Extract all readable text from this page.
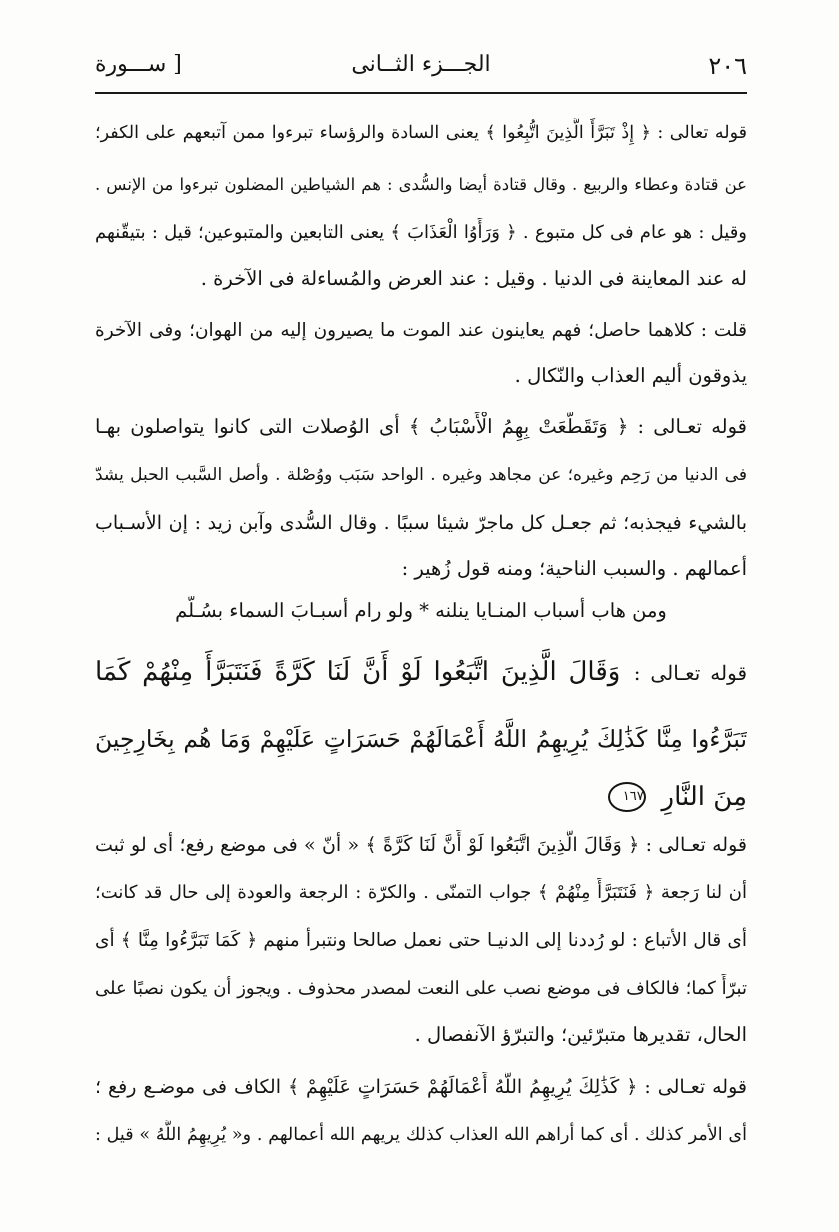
٢٠٦
الجـــزء الثــانى
[ ســـورة
قوله تعالى : ﴿ إِذْ تَبَرَّأَ الَّذِينَ اتُّبِعُوا ﴾ يعنى السادة والرؤساء تبرءوا ممن آتبعهم على الكفر؛
عن قتادة وعطاء والربيع . وقال قتادة أيضا والسُّدى : هم الشياطين المضلون تبرءوا من الإنس .
وقيل : هو عام فى كل متبوع . ﴿ وَرَأَوُا الْعَذَابَ ﴾ يعنى التابعين والمتبوعين؛ قيل : بتيقّنهم
له عند المعاينة فى الدنيا . وقيل : عند العرض والمُساءلة فى الآخرة .
قلت : كلاهما حاصل؛ فهم يعاينون عند الموت ما يصيرون إليه من الهوان؛ وفى الآخرة
يذوقون أليم العذاب والنّكال .
قوله تعـالى : ﴿ وَتَقَطَّعَتْ بِهِمُ الْأَسْبَابُ ﴾ أى الوُصلات التى كانوا يتواصلون بهـا
فى الدنيا من رَحِم وغيره؛ عن مجاهد وغيره . الواحد سَبَب ووُصْلة . وأصل السَّبب الحبل يشدّ
بالشيء فيجذبه؛ ثم جعـل كل ماجرّ شيئا سببًا . وقال السُّدى وآبن زيد : إن الأسـباب
أعمالهم . والسبب الناحية؛ ومنه قول زُهير :
ومن هاب أسباب المنـايا ينلنه * ولو رام أسبـابَ السماء بسُـلّم
قوله تعـالى : وَقَالَ الَّذِينَ اتَّبَعُوا لَوْ أَنَّ لَنَا كَرَّةً فَنَتَبَرَّأَ مِنْهُمْ كَمَا
تَبَرَّءُوا مِنَّا كَذَٰلِكَ يُرِيهِمُ اللَّهُ أَعْمَالَهُمْ حَسَرَاتٍ عَلَيْهِمْ وَمَا هُم بِخَارِجِينَ
مِنَ النَّارِ ١٦٧
قوله تعـالى : ﴿ وَقَالَ الَّذِينَ اتَّبَعُوا لَوْ أَنَّ لَنَا كَرَّةً ﴾ « أنّ » فى موضع رفع؛ أى لو ثبت
أن لنا رَجعة ﴿ فَنَتَبَرَّأَ مِنْهُمْ ﴾ جواب التمنّى . والكرّة : الرجعة والعودة إلى حال قد كانت؛
أى قال الأتباع : لو رُددنا إلى الدنيـا حتى نعمل صالحا ونتبرأ منهم ﴿ كَمَا تَبَرَّءُوا مِنَّا ﴾ أى
تبرّأً كما؛ فالكاف فى موضع نصب على النعت لمصدر محذوف . ويجوز أن يكون نصبًا على
الحال، تقديرها متبرّئين؛ والتبرّؤ الآنفصال .
قوله تعـالى : ﴿ كَذَٰلِكَ يُرِيهِمُ اللَّهُ أَعْمَالَهُمْ حَسَرَاتٍ عَلَيْهِمْ ﴾ الكاف فى موضـع رفع ؛
أى الأمر كذلك . أى كما أراهم الله العذاب كذلك يريهم الله أعمالهم . و« يُرِيهِمُ اللَّهُ » قيل :
